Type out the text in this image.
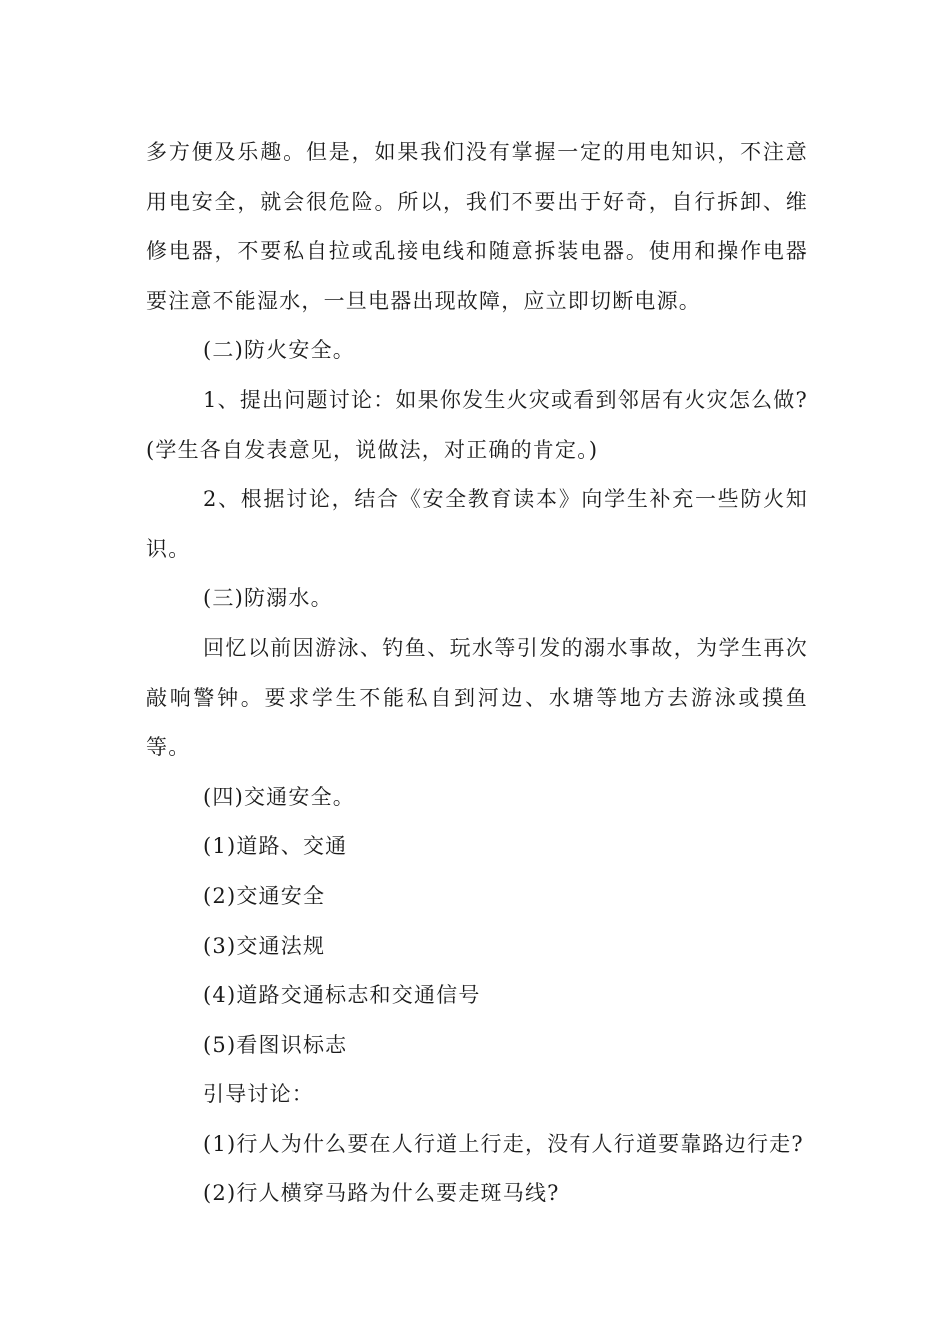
多方便及乐趣。但是，如果我们没有掌握一定的用电知识，不注意用电安全，就会很危险。所以，我们不要出于好奇，自行拆卸、维修电器，不要私自拉或乱接电线和随意拆装电器。使用和操作电器要注意不能湿水，一旦电器出现故障，应立即切断电源。

(二)防火安全。

1、提出问题讨论：如果你发生火灾或看到邻居有火灾怎么做?(学生各自发表意见，说做法，对正确的肯定。)

2、根据讨论，结合《安全教育读本》向学生补充一些防火知识。

(三)防溺水。

回忆以前因游泳、钓鱼、玩水等引发的溺水事故，为学生再次敲响警钟。要求学生不能私自到河边、水塘等地方去游泳或摸鱼等。

(四)交通安全。

(1)道路、交通

(2)交通安全

(3)交通法规

(4)道路交通标志和交通信号

(5)看图识标志

引导讨论：

(1)行人为什么要在人行道上行走，没有人行道要靠路边行走?

(2)行人横穿马路为什么要走斑马线?
